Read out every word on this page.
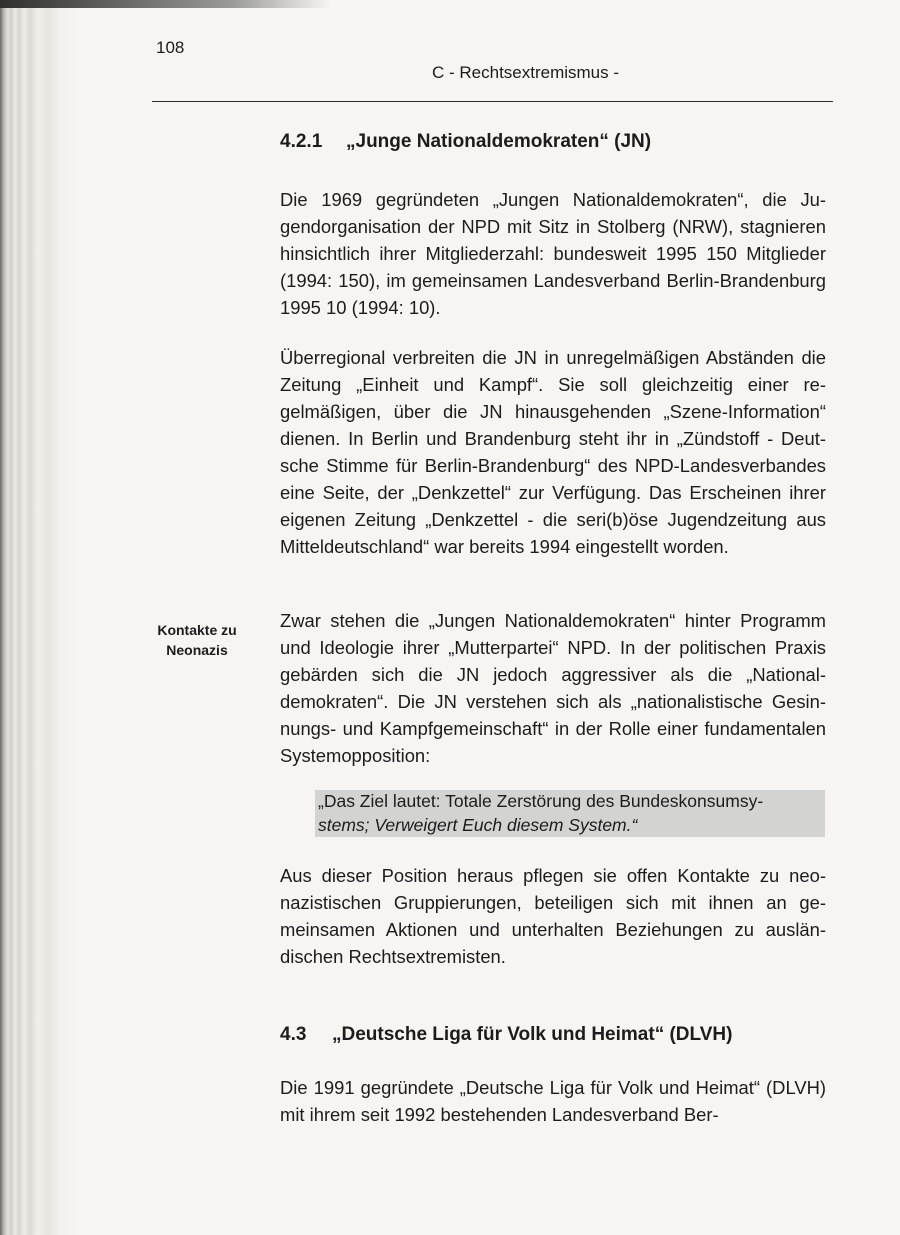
108
C - Rechtsextremismus -
4.2.1	„Junge Nationaldemokraten“ (JN)

Die 1969 gegründeten „Jungen Nationaldemokraten“, die Jugendorganisation der NPD mit Sitz in Stolberg (NRW), stagnieren hinsichtlich ihrer Mitgliederzahl: bundesweit 1995 150 Mitglieder (1994: 150), im gemeinsamen Landesverband Berlin-Brandenburg 1995 10 (1994: 10).

Überregional verbreiten die JN in unregelmäßigen Abständen die Zeitung „Einheit und Kampf“. Sie soll gleichzeitig einer regelmäßigen, über die JN hinausgehenden „Szene-Information“ dienen. In Berlin und Brandenburg steht ihr in „Zündstoff - Deutsche Stimme für Berlin-Brandenburg“ des NPD-Landesverbandes eine Seite, der „Denkzettel“ zur Verfügung. Das Erscheinen ihrer eigenen Zeitung „Denkzettel - die seri(b)öse Jugendzeitung aus Mitteldeutschland“ war bereits 1994 eingestellt worden.

Kontakte zu
Neonazis

Zwar stehen die „Jungen Nationaldemokraten“ hinter Programm und Ideologie ihrer „Mutterpartei“ NPD. In der politischen Praxis gebärden sich die JN jedoch aggressiver als die „Nationaldemokraten“. Die JN verstehen sich als „nationalistische Gesinnungs- und Kampfgemeinschaft“ in der Rolle einer fundamentalen Systemopposition:

„Das Ziel lautet: Totale Zerstörung des Bundeskonsumsy-
stems; Verweigert Euch diesem System.“

Aus dieser Position heraus pflegen sie offen Kontakte zu neonazistischen Gruppierungen, beteiligen sich mit ihnen an gemeinsamen Aktionen und unterhalten Beziehungen zu ausländischen Rechtsextremisten.

4.3	„Deutsche Liga für Volk und Heimat“ (DLVH)

Die 1991 gegründete „Deutsche Liga für Volk und Heimat“ (DLVH) mit ihrem seit 1992 bestehenden Landesverband Ber-
